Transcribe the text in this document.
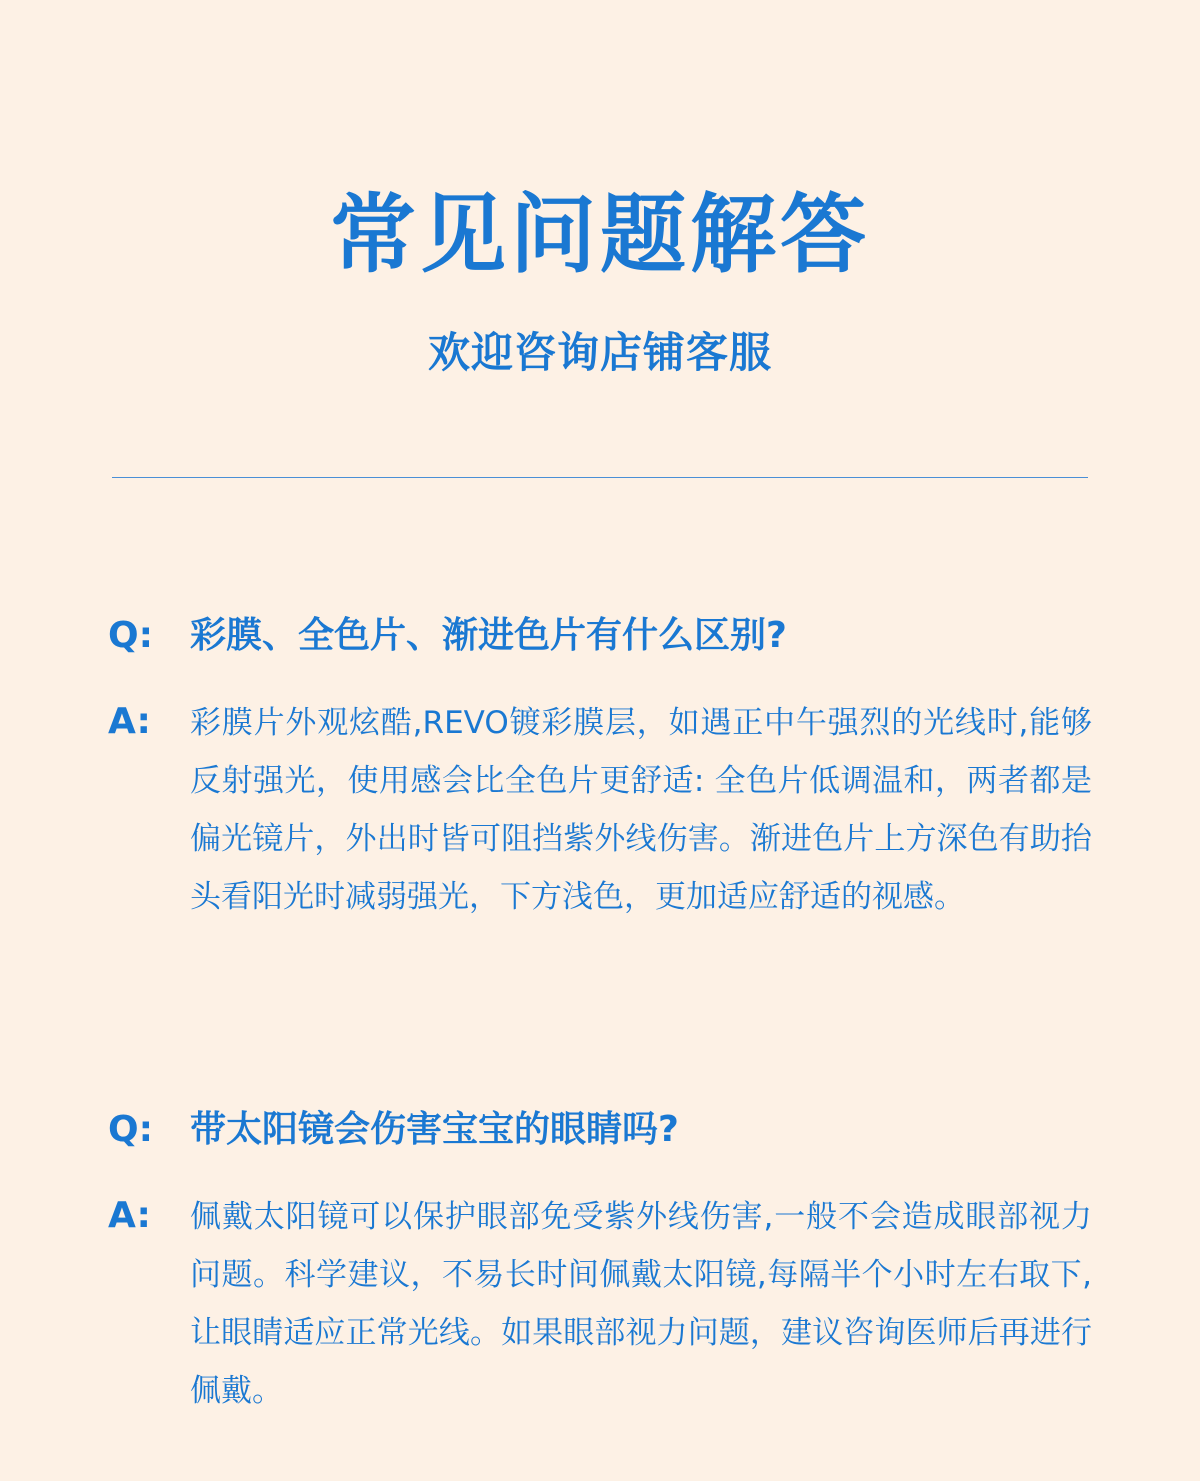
常见问题解答

欢迎咨询店铺客服

Q: 彩膜、全色片、渐进色片有什么区别?

A: 彩膜片外观炫酷,REVO镀彩膜层，如遇正中午强烈的光线时,能够反射强光，使用感会比全色片更舒适: 全色片低调温和，两者都是偏光镜片，外出时皆可阻挡紫外线伤害。渐进色片上方深色有助抬头看阳光时减弱强光，下方浅色，更加适应舒适的视感。

Q: 带太阳镜会伤害宝宝的眼睛吗?

A: 佩戴太阳镜可以保护眼部免受紫外线伤害,一般不会造成眼部视力问题。科学建议，不易长时间佩戴太阳镜,每隔半个小时左右取下,让眼睛适应正常光线。如果眼部视力问题，建议咨询医师后再进行佩戴。
